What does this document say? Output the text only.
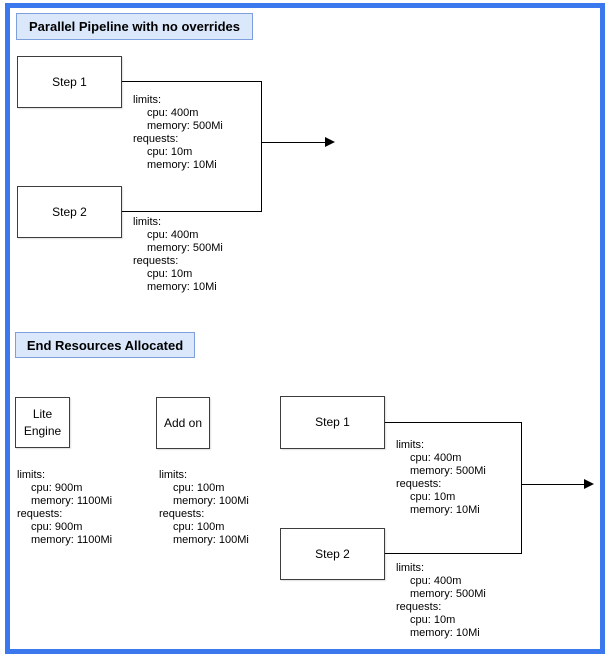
Parallel Pipeline with no overrides
Step 1
Step 2
limits:
cpu: 400m
memory: 500Mi
requests:
cpu: 10m
memory: 10Mi
limits:
cpu: 400m
memory: 500Mi
requests:
cpu: 10m
memory: 10Mi
End Resources Allocated
Lite
Engine
Add on	Step 1
Step 2
limits:
cpu: 900m
memory: 1100Mi
requests:
cpu: 900m
memory: 1100Mi
limits:
cpu: 100m
memory: 100Mi
requests:
cpu: 100m
memory: 100Mi
limits:
cpu: 400m
memory: 500Mi
requests:
cpu: 10m
memory: 10Mi
limits:
cpu: 400m
memory: 500Mi
requests:
cpu: 10m
memory: 10Mi
